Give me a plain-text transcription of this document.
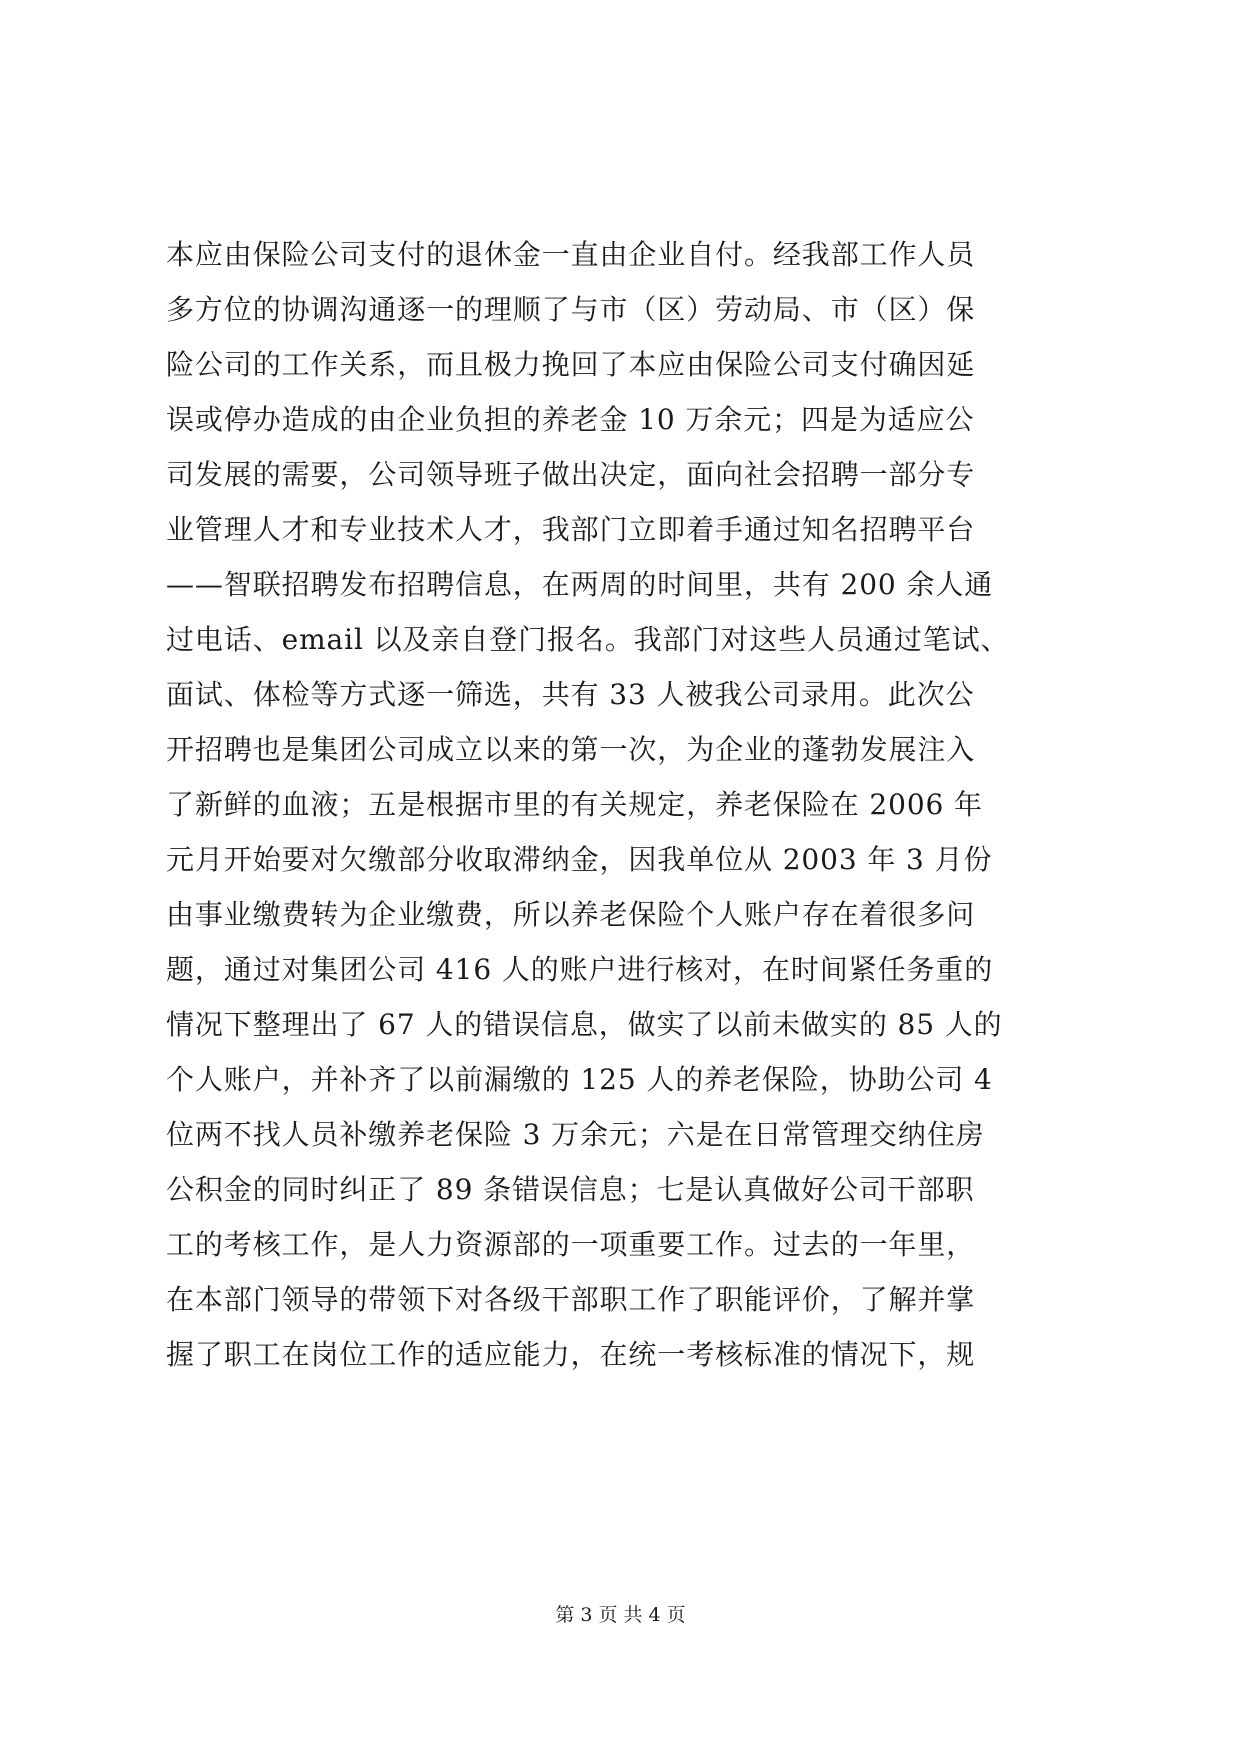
本应由保险公司支付的退休金一直由企业自付。经我部工作人员
多方位的协调沟通逐一的理顺了与市（区）劳动局、市（区）保
险公司的工作关系，而且极力挽回了本应由保险公司支付确因延
误或停办造成的由企业负担的养老金 10 万余元；四是为适应公
司发展的需要，公司领导班子做出决定，面向社会招聘一部分专
业管理人才和专业技术人才，我部门立即着手通过知名招聘平台
——智联招聘发布招聘信息，在两周的时间里，共有 200 余人通
过电话、email 以及亲自登门报名。我部门对这些人员通过笔试、
面试、体检等方式逐一筛选，共有 33 人被我公司录用。此次公
开招聘也是集团公司成立以来的第一次，为企业的蓬勃发展注入
了新鲜的血液；五是根据市里的有关规定，养老保险在 2006 年
元月开始要对欠缴部分收取滞纳金，因我单位从 2003 年 3 月份
由事业缴费转为企业缴费，所以养老保险个人账户存在着很多问
题，通过对集团公司 416 人的账户进行核对，在时间紧任务重的
情况下整理出了 67 人的错误信息，做实了以前未做实的 85 人的
个人账户，并补齐了以前漏缴的 125 人的养老保险，协助公司 4
位两不找人员补缴养老保险 3 万余元；六是在日常管理交纳住房
公积金的同时纠正了 89 条错误信息；七是认真做好公司干部职
工的考核工作，是人力资源部的一项重要工作。过去的一年里，
在本部门领导的带领下对各级干部职工作了职能评价，了解并掌
握了职工在岗位工作的适应能力，在统一考核标准的情况下，规
第 3 页 共 4 页
